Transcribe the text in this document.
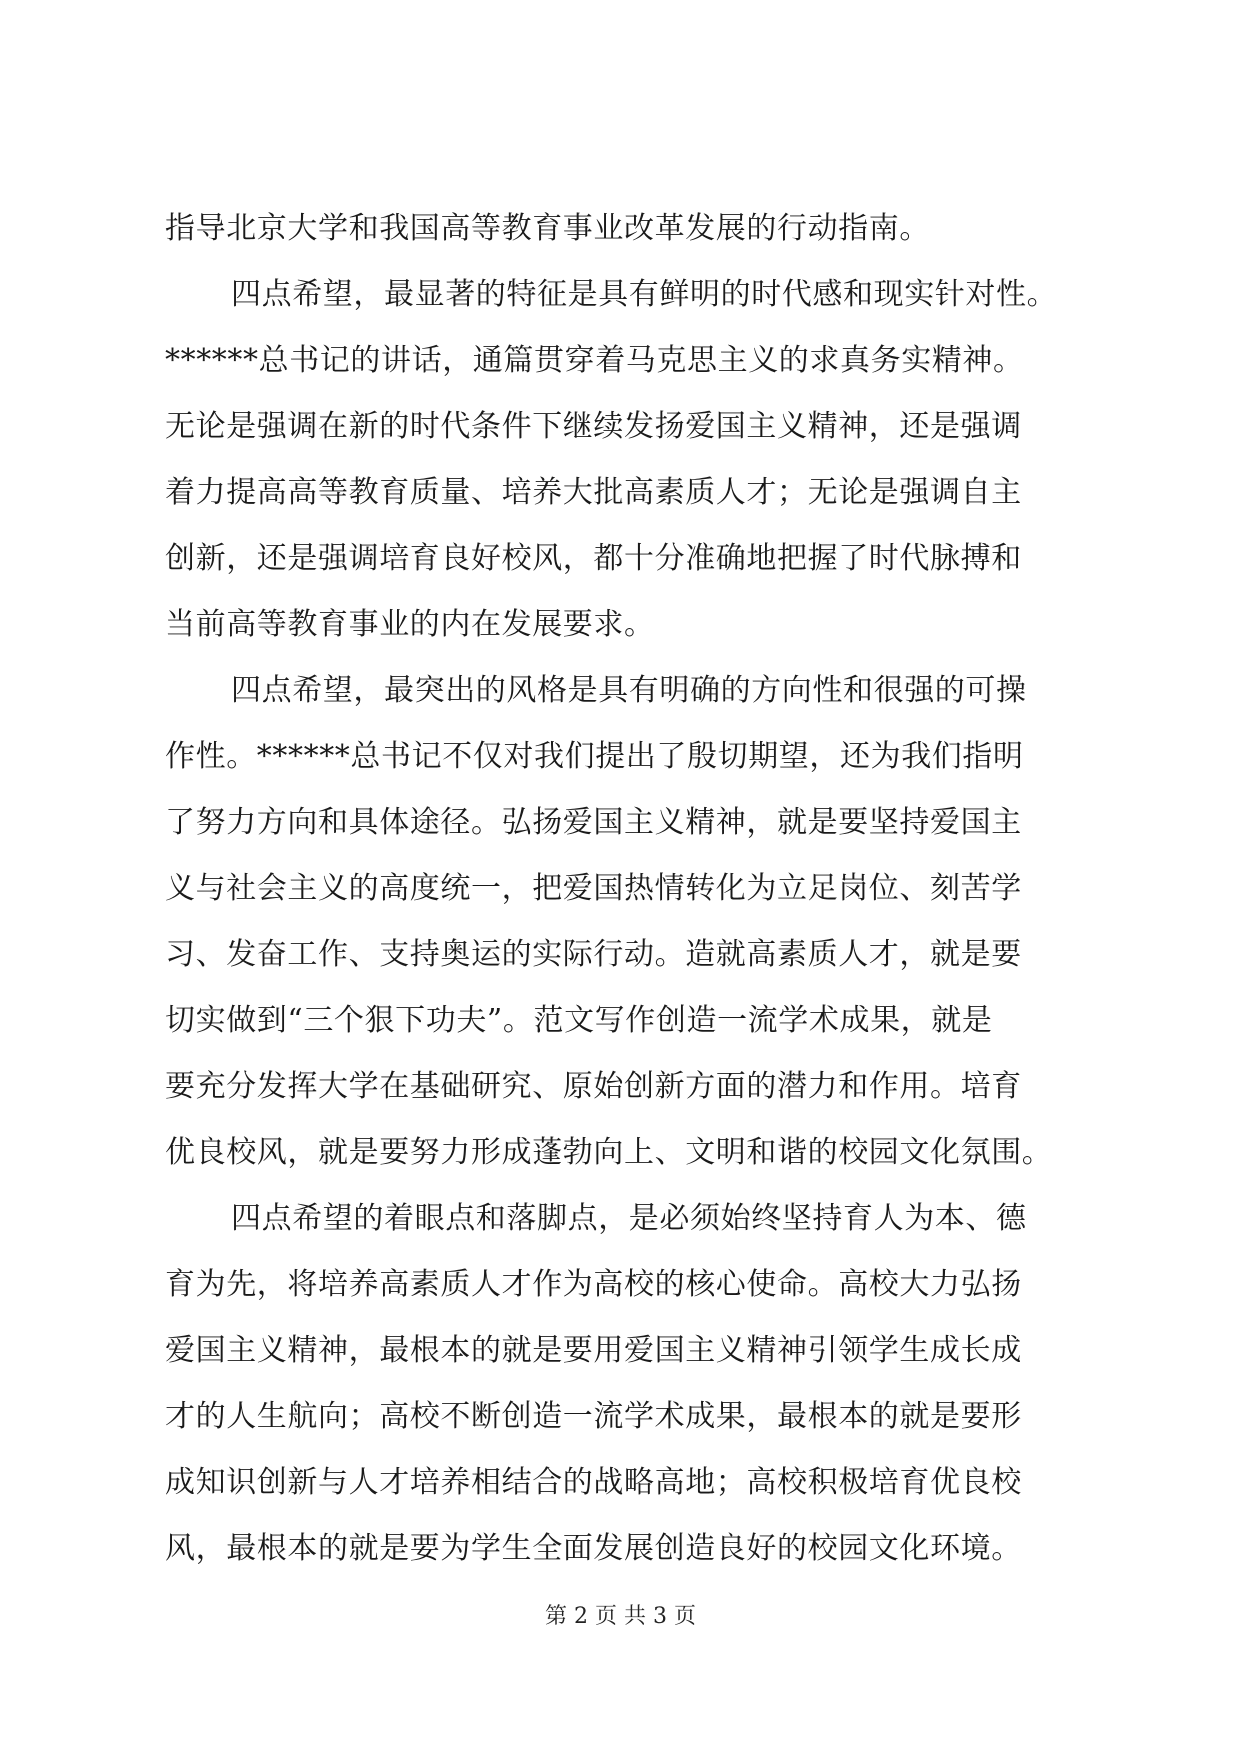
指导北京大学和我国高等教育事业改革发展的行动指南。
四点希望，最显著的特征是具有鲜明的时代感和现实针对性。
******总书记的讲话，通篇贯穿着马克思主义的求真务实精神。
无论是强调在新的时代条件下继续发扬爱国主义精神，还是强调
着力提高高等教育质量、培养大批高素质人才；无论是强调自主
创新，还是强调培育良好校风，都十分准确地把握了时代脉搏和
当前高等教育事业的内在发展要求。
四点希望，最突出的风格是具有明确的方向性和很强的可操
作性。******总书记不仅对我们提出了殷切期望，还为我们指明
了努力方向和具体途径。弘扬爱国主义精神，就是要坚持爱国主
义与社会主义的高度统一，把爱国热情转化为立足岗位、刻苦学
习、发奋工作、支持奥运的实际行动。造就高素质人才，就是要
切实做到“三个狠下功夫”。范文写作创造一流学术成果，就是
要充分发挥大学在基础研究、原始创新方面的潜力和作用。培育
优良校风，就是要努力形成蓬勃向上、文明和谐的校园文化氛围。
四点希望的着眼点和落脚点，是必须始终坚持育人为本、德
育为先，将培养高素质人才作为高校的核心使命。高校大力弘扬
爱国主义精神，最根本的就是要用爱国主义精神引领学生成长成
才的人生航向；高校不断创造一流学术成果，最根本的就是要形
成知识创新与人才培养相结合的战略高地；高校积极培育优良校
风，最根本的就是要为学生全面发展创造良好的校园文化环境。
第 2 页 共 3 页
